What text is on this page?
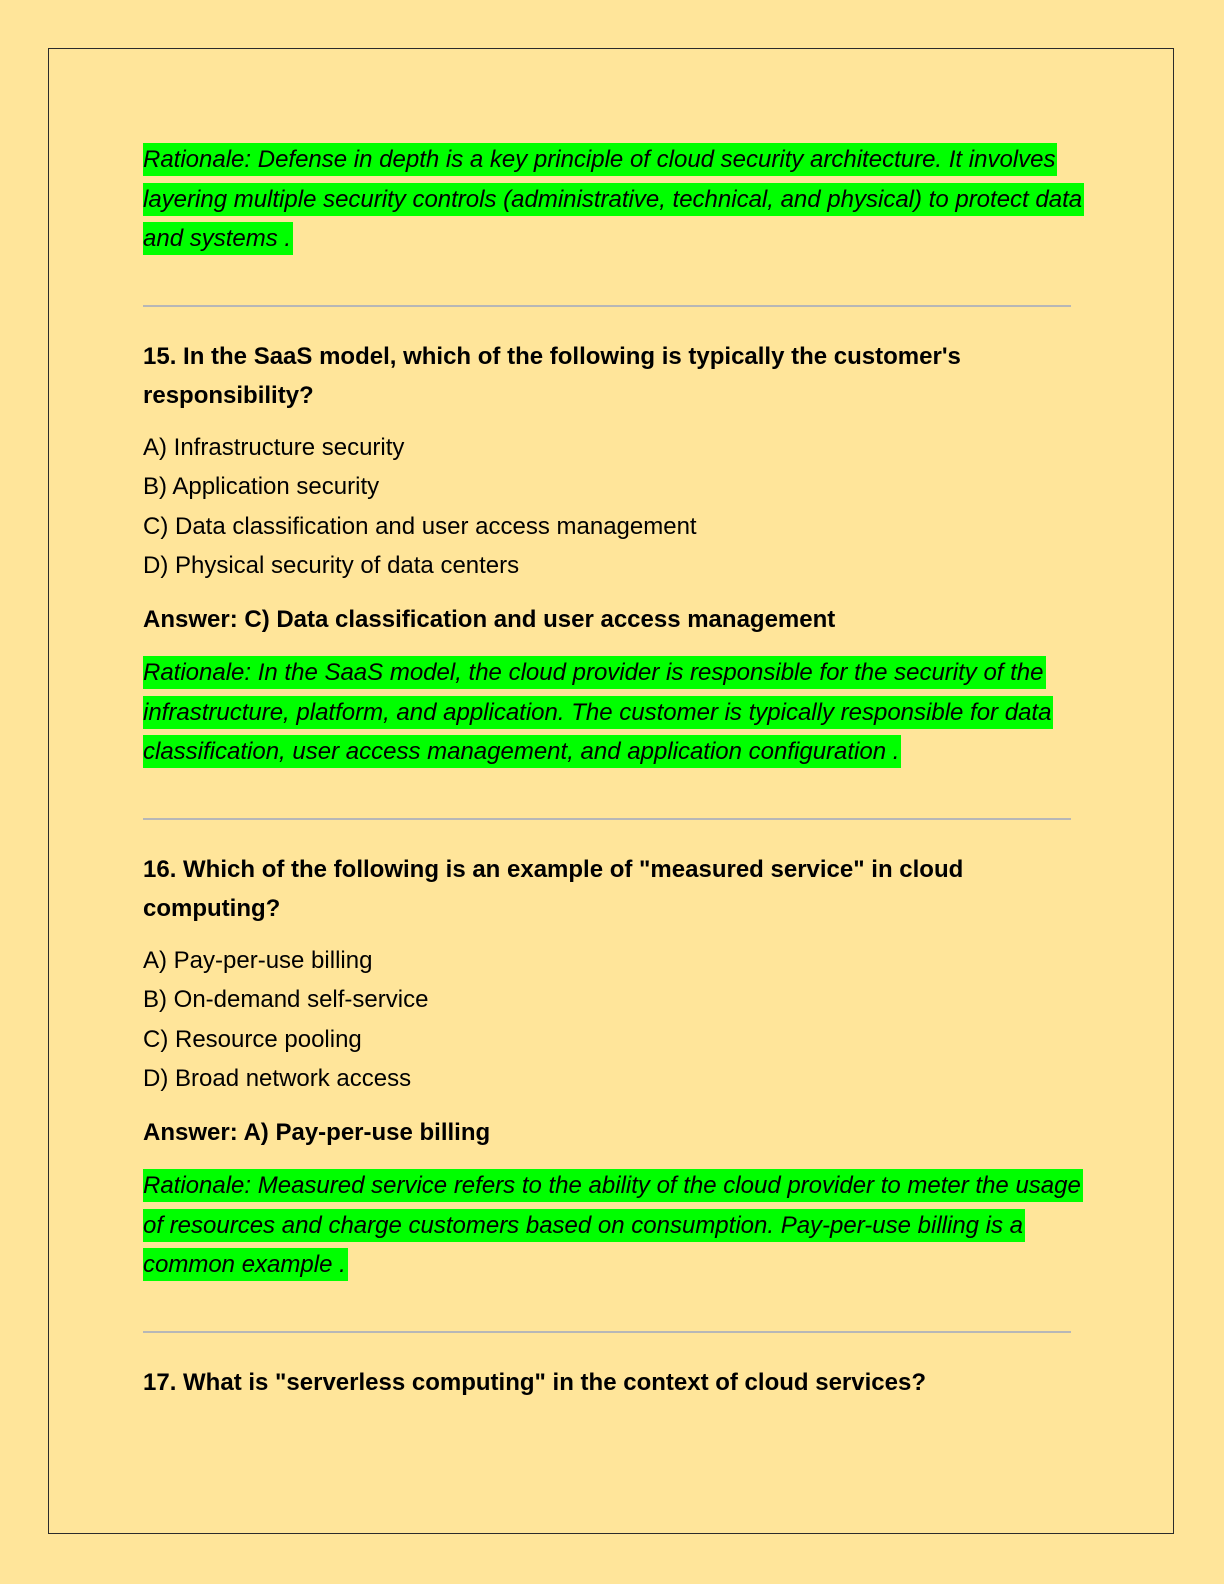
Rationale: Defense in depth is a key principle of cloud security architecture. It involves layering multiple security controls (administrative, technical, and physical) to protect data and systems .

15. In the SaaS model, which of the following is typically the customer's responsibility?

A) Infrastructure security
B) Application security
C) Data classification and user access management
D) Physical security of data centers

Answer: C) Data classification and user access management

Rationale: In the SaaS model, the cloud provider is responsible for the security of the infrastructure, platform, and application. The customer is typically responsible for data classification, user access management, and application configuration .

16. Which of the following is an example of "measured service" in cloud computing?

A) Pay-per-use billing
B) On-demand self-service
C) Resource pooling
D) Broad network access

Answer: A) Pay-per-use billing

Rationale: Measured service refers to the ability of the cloud provider to meter the usage of resources and charge customers based on consumption. Pay-per-use billing is a common example .

17. What is "serverless computing" in the context of cloud services?
